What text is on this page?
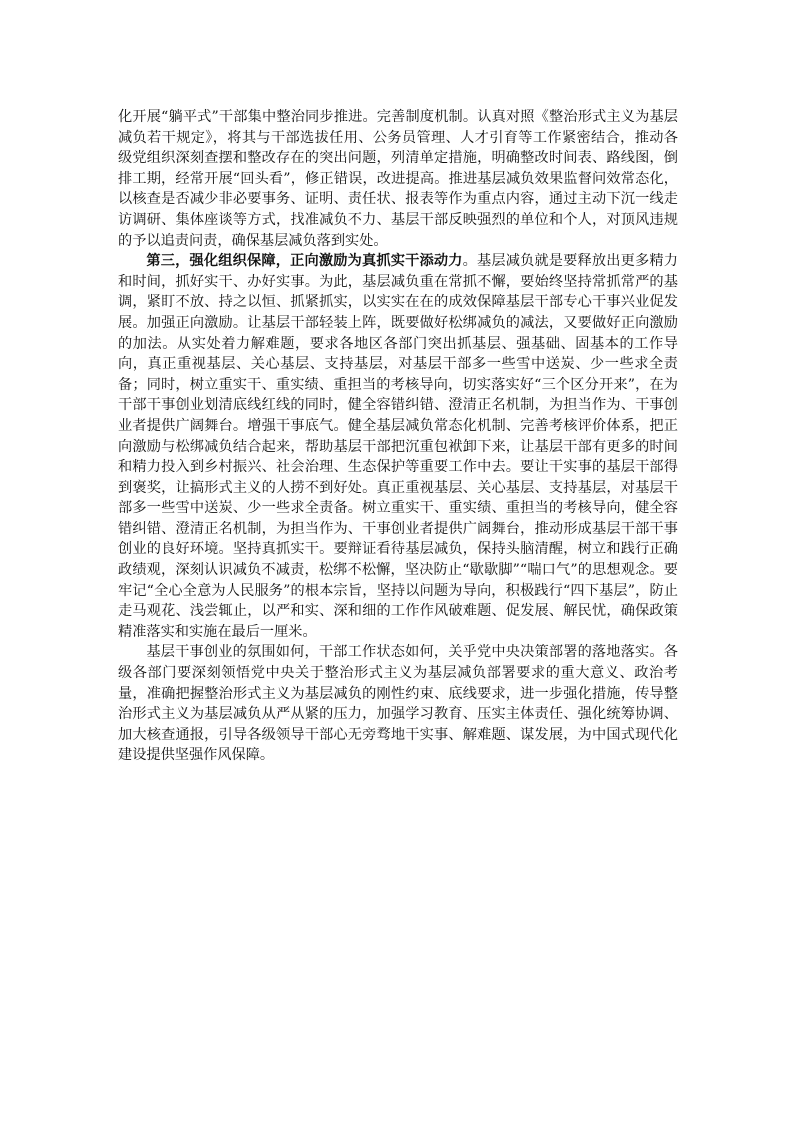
化开展“躺平式”干部集中整治同步推进。完善制度机制。认真对照《整治形式主义为基层减负若干规定》，将其与干部选拔任用、公务员管理、人才引育等工作紧密结合，推动各级党组织深刻查摆和整改存在的突出问题，列清单定措施，明确整改时间表、路线图，倒排工期，经常开展“回头看”，修正错误，改进提高。推进基层减负效果监督问效常态化，以核查是否减少非必要事务、证明、责任状、报表等作为重点内容，通过主动下沉一线走访调研、集体座谈等方式，找准减负不力、基层干部反映强烈的单位和个人，对顶风违规的予以追责问责，确保基层减负落到实处。

第三，强化组织保障，正向激励为真抓实干添动力。基层减负就是要释放出更多精力和时间，抓好实干、办好实事。为此，基层减负重在常抓不懈，要始终坚持常抓常严的基调，紧盯不放、持之以恒、抓紧抓实，以实实在在的成效保障基层干部专心干事兴业促发展。加强正向激励。让基层干部轻装上阵，既要做好松绑减负的减法，又要做好正向激励的加法。从实处着力解难题，要求各地区各部门突出抓基层、强基础、固基本的工作导向，真正重视基层、关心基层、支持基层，对基层干部多一些雪中送炭、少一些求全责备；同时，树立重实干、重实绩、重担当的考核导向，切实落实好“三个区分开来”，在为干部干事创业划清底线红线的同时，健全容错纠错、澄清正名机制，为担当作为、干事创业者提供广阔舞台。增强干事底气。健全基层减负常态化机制、完善考核评价体系，把正向激励与松绑减负结合起来，帮助基层干部把沉重包袱卸下来，让基层干部有更多的时间和精力投入到乡村振兴、社会治理、生态保护等重要工作中去。要让干实事的基层干部得到褒奖，让搞形式主义的人捞不到好处。真正重视基层、关心基层、支持基层，对基层干部多一些雪中送炭、少一些求全责备。树立重实干、重实绩、重担当的考核导向，健全容错纠错、澄清正名机制，为担当作为、干事创业者提供广阔舞台，推动形成基层干部干事创业的良好环境。坚持真抓实干。要辩证看待基层减负，保持头脑清醒，树立和践行正确政绩观，深刻认识减负不减责，松绑不松懈，坚决防止“歇歇脚”“喘口气”的思想观念。要牢记“全心全意为人民服务”的根本宗旨，坚持以问题为导向，积极践行“四下基层”，防止走马观花、浅尝辄止，以严和实、深和细的工作作风破难题、促发展、解民忧，确保政策精准落实和实施在最后一厘米。

基层干事创业的氛围如何，干部工作状态如何，关乎党中央决策部署的落地落实。各级各部门要深刻领悟党中央关于整治形式主义为基层减负部署要求的重大意义、政治考量，准确把握整治形式主义为基层减负的刚性约束、底线要求，进一步强化措施，传导整治形式主义为基层减负从严从紧的压力，加强学习教育、压实主体责任、强化统筹协调、加大核查通报，引导各级领导干部心无旁骛地干实事、解难题、谋发展，为中国式现代化建设提供坚强作风保障。
